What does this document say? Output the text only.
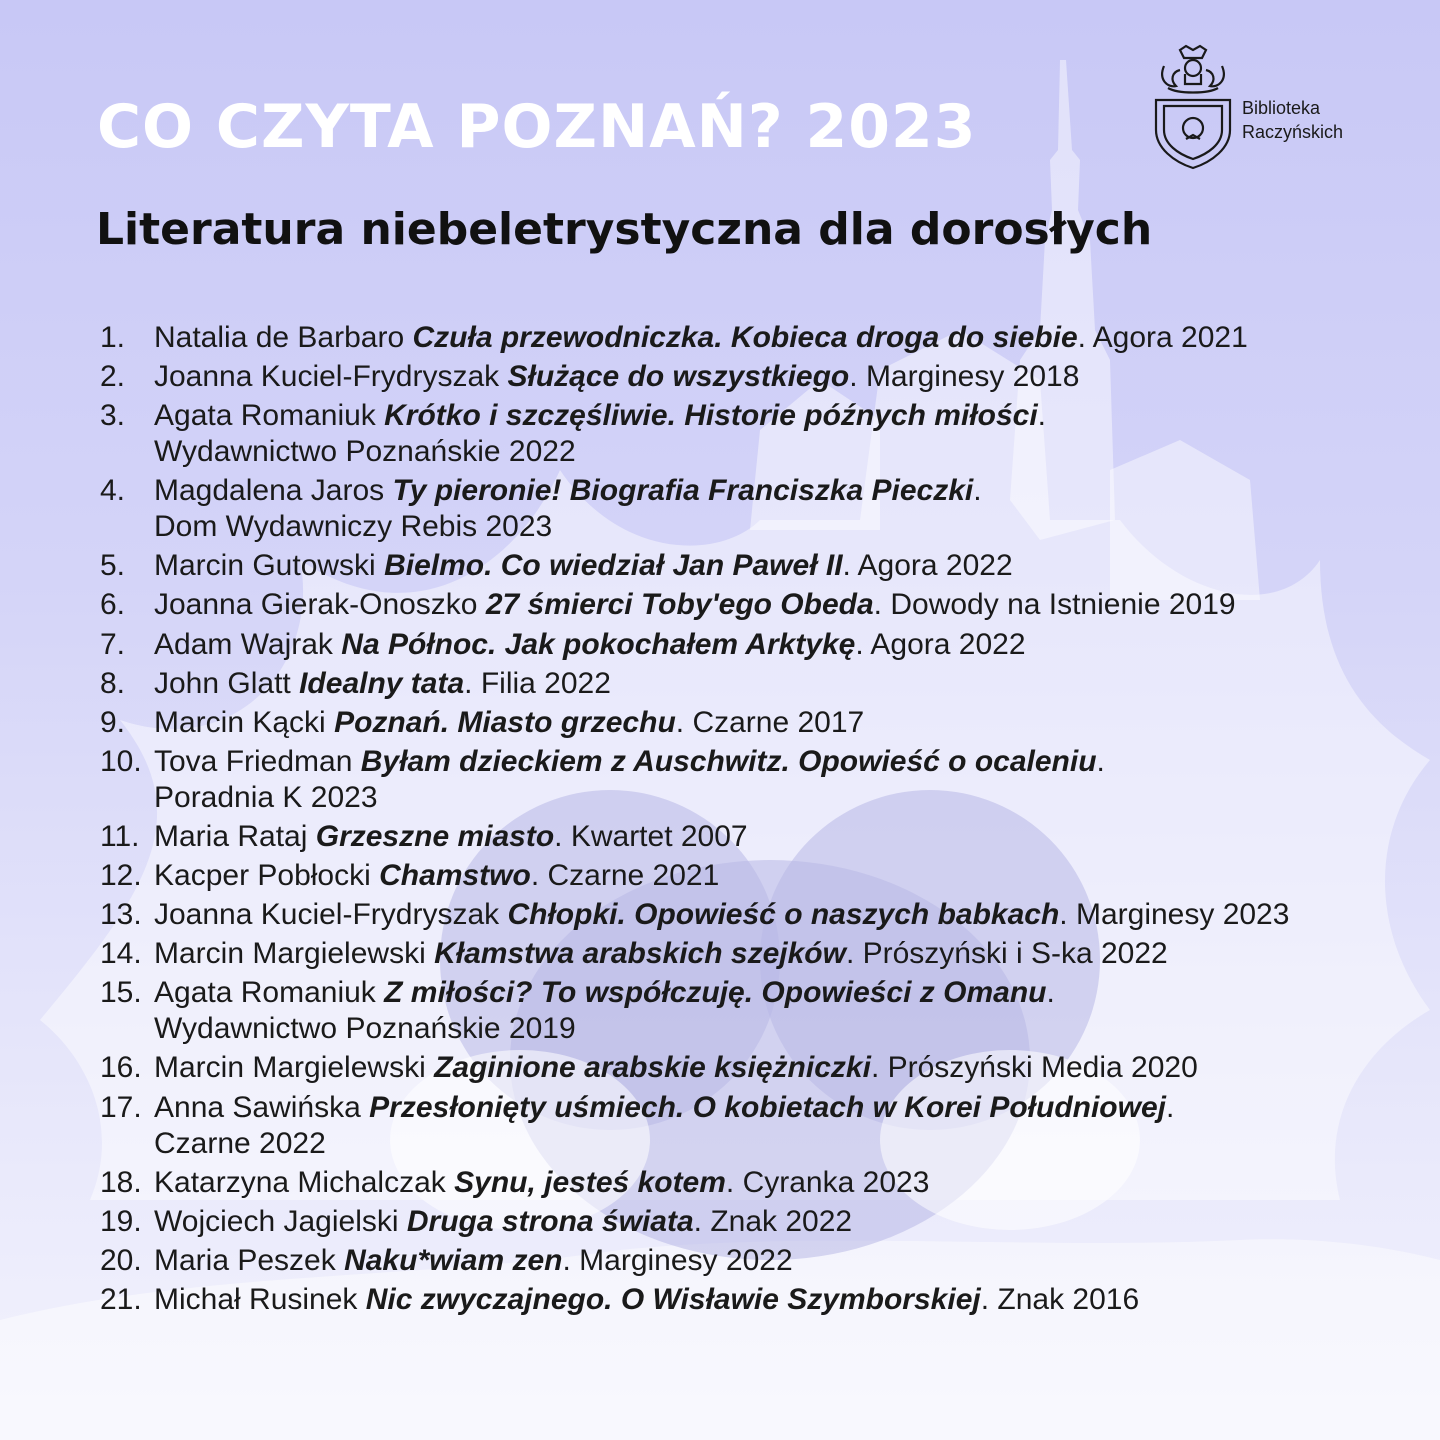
CO CZYTA POZNAŃ? 2023	Biblioteka
Raczyńskich
Literatura niebeletrystyczna dla dorosłych
1. Natalia de Barbaro Czuła przewodniczka. Kobieca droga do siebie. Agora 2021
2. Joanna Kuciel-Frydryszak Służące do wszystkiego. Marginesy 2018
3. Agata Romaniuk Krótko i szczęśliwie. Historie późnych miłości.
Wydawnictwo Poznańskie 2022
4. Magdalena Jaros Ty pieronie! Biografia Franciszka Pieczki.
Dom Wydawniczy Rebis 2023
5. Marcin Gutowski Bielmo. Co wiedział Jan Paweł II. Agora 2022
6. Joanna Gierak-Onoszko 27 śmierci Toby'ego Obeda. Dowody na Istnienie 2019
7. Adam Wajrak Na Północ. Jak pokochałem Arktykę. Agora 2022
8. John Glatt Idealny tata. Filia 2022
9. Marcin Kącki Poznań. Miasto grzechu. Czarne 2017
10. Tova Friedman Byłam dzieckiem z Auschwitz. Opowieść o ocaleniu.
Poradnia K 2023
11. Maria Rataj Grzeszne miasto. Kwartet 2007
12. Kacper Pobłocki Chamstwo. Czarne 2021
13. Joanna Kuciel-Frydryszak Chłopki. Opowieść o naszych babkach. Marginesy 2023
14. Marcin Margielewski Kłamstwa arabskich szejków. Prószyński i S-ka 2022
15. Agata Romaniuk Z miłości? To współczuję. Opowieści z Omanu.
Wydawnictwo Poznańskie 2019
16. Marcin Margielewski Zaginione arabskie księżniczki. Prószyński Media 2020
17. Anna Sawińska Przesłonięty uśmiech. O kobietach w Korei Południowej.
Czarne 2022
18. Katarzyna Michalczak Synu, jesteś kotem. Cyranka 2023
19. Wojciech Jagielski Druga strona świata. Znak 2022
20. Maria Peszek Naku*wiam zen. Marginesy 2022
21. Michał Rusinek Nic zwyczajnego. O Wisławie Szymborskiej. Znak 2016
